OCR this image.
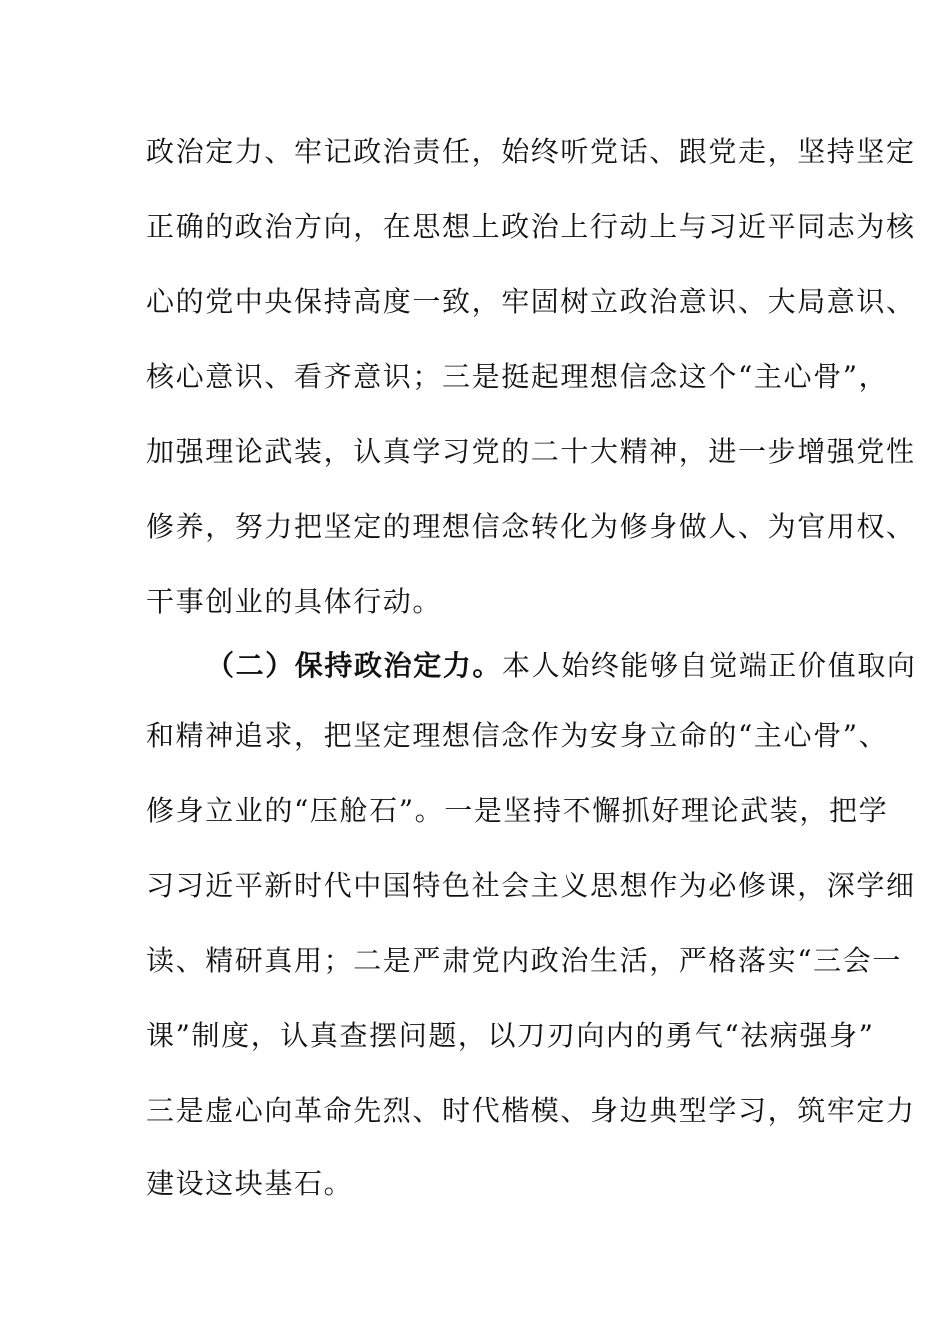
政治定力、牢记政治责任，始终听党话、跟党走，坚持坚定
正确的政治方向，在思想上政治上行动上与习近平同志为核
心的党中央保持高度一致，牢固树立政治意识、大局意识、
核心意识、看齐意识；三是挺起理想信念这个“主心骨”，
加强理论武装，认真学习党的二十大精神，进一步增强党性
修养，努力把坚定的理想信念转化为修身做人、为官用权、
干事创业的具体行动。
（二）保持政治定力。本人始终能够自觉端正价值取向
和精神追求，把坚定理想信念作为安身立命的“主心骨”、
修身立业的“压舱石”。一是坚持不懈抓好理论武装，把学
习习近平新时代中国特色社会主义思想作为必修课，深学细
读、精研真用；二是严肃党内政治生活，严格落实“三会一
课”制度，认真查摆问题，以刀刃向内的勇气“祛病强身”
三是虚心向革命先烈、时代楷模、身边典型学习，筑牢定力
建设这块基石。
